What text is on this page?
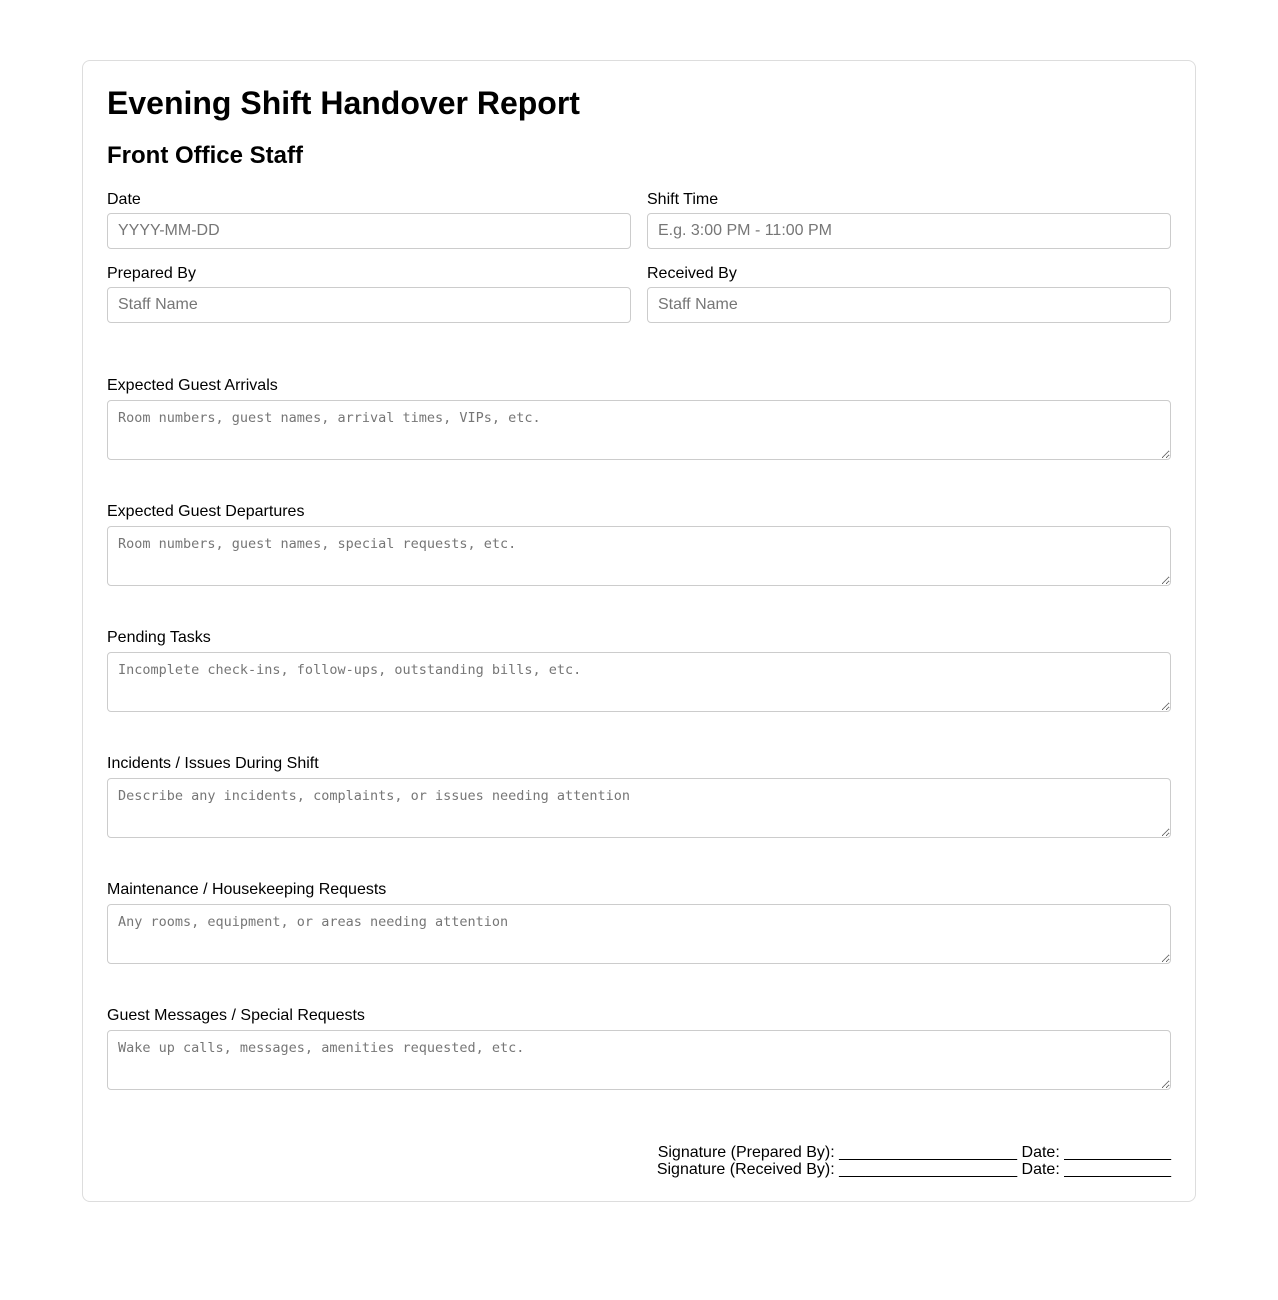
Evening Shift Handover Report
Front Office Staff
Date
YYYY-MM-DD	Shift Time
E.g. 3:00 PM - 11:00 PM
Prepared By
Staff Name	Received By
Staff Name
Expected Guest Arrivals
Room numbers, guest names, arrival times, VIPs, etc.
Expected Guest Departures
Room numbers, guest names, special requests, etc.
Pending Tasks
Incomplete check-ins, follow-ups, outstanding bills, etc.
Incidents / Issues During Shift
Describe any incidents, complaints, or issues needing attention
Maintenance / Housekeeping Requests
Any rooms, equipment, or areas needing attention
Guest Messages / Special Requests
Wake up calls, messages, amenities requested, etc.
Signature (Prepared By): ____________________ Date: ____________
Signature (Received By): ____________________ Date: ____________
